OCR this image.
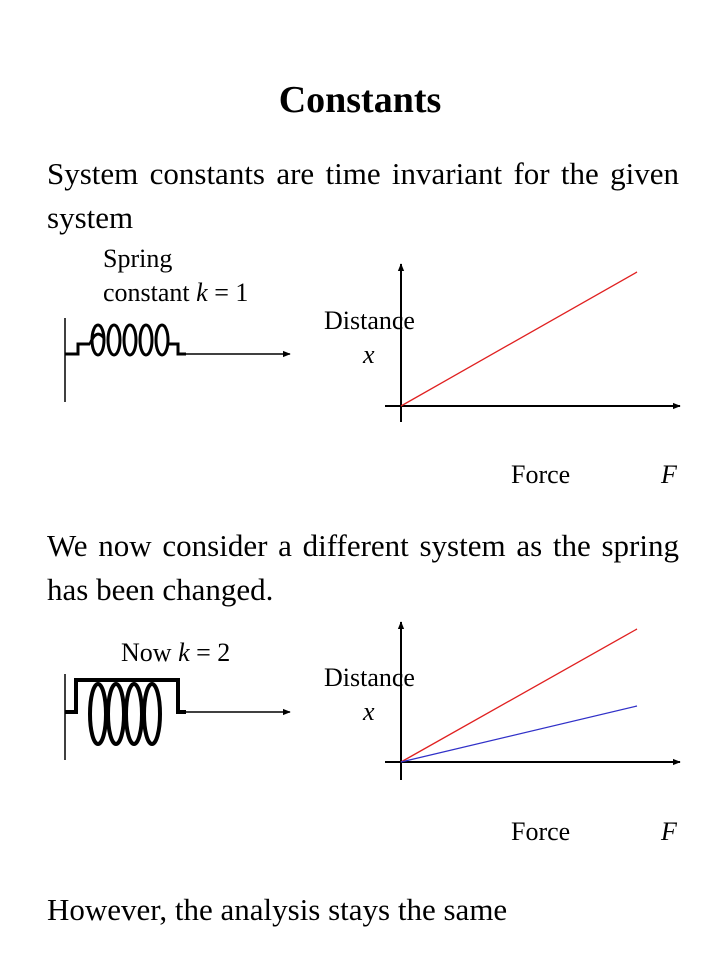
Constants
System constants are time invariant for the given system
Spring
constant k = 1
Distance
x
Force	F
We now consider a different system as the spring has been changed.
Now k = 2
Distance
x
Force	F
However, the analysis stays the same
